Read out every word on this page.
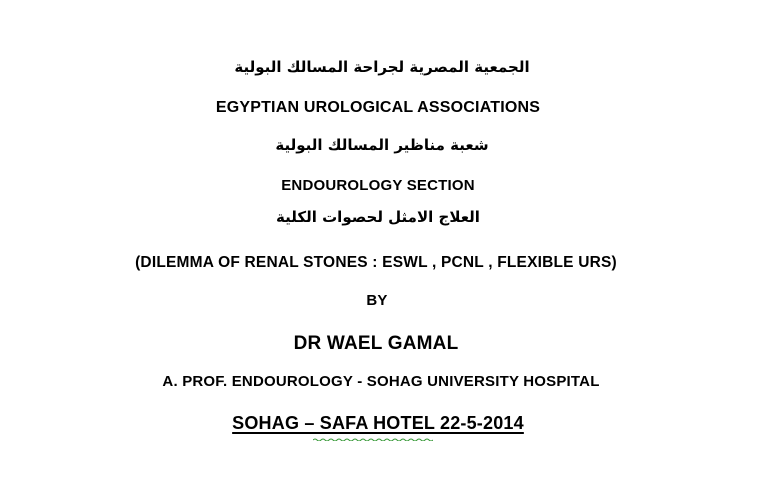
الجمعية المصرية لجراحة المسالك البولية
EGYPTIAN UROLOGICAL ASSOCIATIONS
شعبة مناظير المسالك البولية
ENDOUROLOGY SECTION
العلاج الامثل لحصوات الكلية
(DILEMMA OF RENAL STONES : ESWL , PCNL , FLEXIBLE URS)
BY
DR WAEL GAMAL
A. PROF. ENDOUROLOGY - SOHAG UNIVERSITY HOSPITAL
SOHAG – SAFA HOTEL 22-5-2014
